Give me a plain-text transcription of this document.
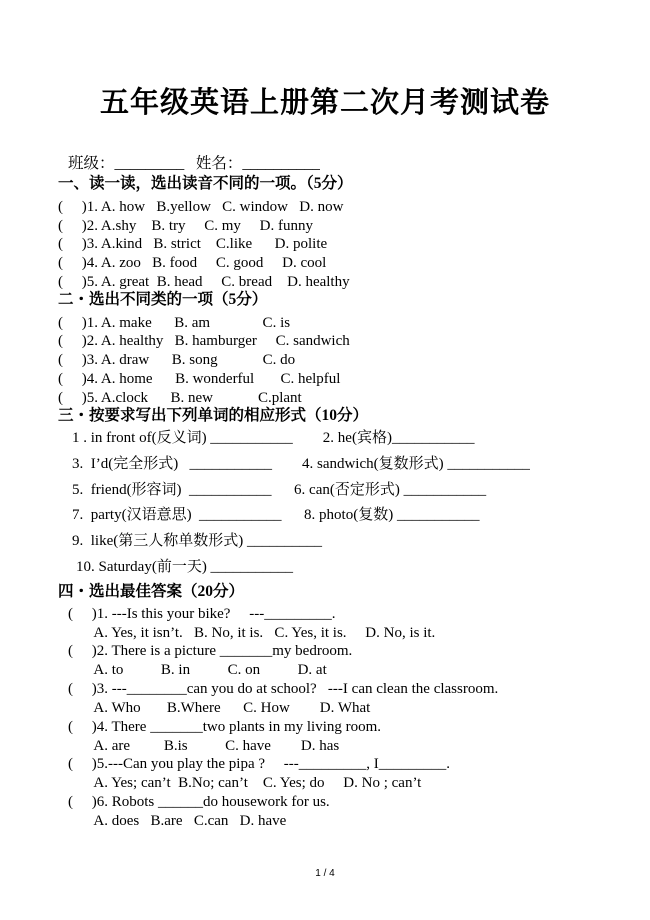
五年级英语上册第二次月考测试卷
班级：_________   姓名：__________
一、读一读，选出读音不同的一项。（5分）
(     )1. A. how   B.yellow   C. window   D. now
(     )2. A.shy    B. try     C. my     D. funny
(     )3. A.kind   B. strict    C.like      D. polite
(     )4. A. zoo   B. food     C. good     D. cool
(     )5. A. great  B. head     C. bread    D. healthy
二・选出不同类的一项（5分）
(     )1. A. make      B. am              C. is
(     )2. A. healthy   B. hamburger     C. sandwich
(     )3. A. draw      B. song            C. do
(     )4. A. home      B. wonderful       C. helpful
(     )5. A.clock      B. new            C.plant
三・按要求写出下列单词的相应形式（10分）
1 . in front of(反义词) ___________        2. he(宾格)___________
3.  I’d(完全形式)   ___________        4. sandwich(复数形式) ___________
5.  friend(形容词)  ___________      6. can(否定形式) ___________
7.  party(汉语意思)  ___________      8. photo(复数) ___________
9.  like(第三人称单数形式) __________
10. Saturday(前一天) ___________
四・选出最佳答案（20分）
(     )1. ---Is this your bike?     ---_________.
A. Yes, it isn’t.   B. No, it is.   C. Yes, it is.     D. No, is it.
(     )2. There is a picture _______my bedroom.
A. to          B. in          C. on          D. at
(     )3. ---________can you do at school?   ---I can clean the classroom.
A. Who       B.Where      C. How        D. What
(     )4. There _______two plants in my living room.
A. are         B.is          C. have        D. has
(     )5.---Can you play the pipa ?     ---_________, I_________.
A. Yes; can’t  B.No; can’t    C. Yes; do     D. No ; can’t
(     )6. Robots ______do housework for us.
A. does   B.are   C.can   D. have
1 / 4
